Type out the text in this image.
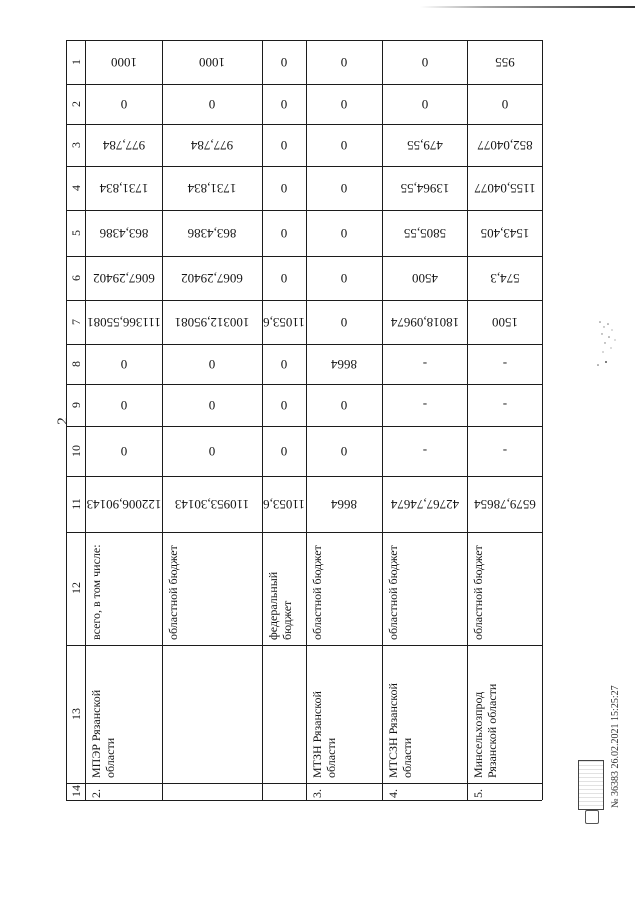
2
1
2
3
4
5
6
7
8
9
10
11
12
13
14
122006,90143
0
0
0
111366,55081
6067,29402
863,4386
1731,834
977,784
0
1000
110953,30143
0
0
0
100312,95081
6067,29402
863,4386
1731,834
977,784
0
1000
11053,6
0
0
0
11053,6
0
0
0
0
0
0
8664
0
0
8664
0
0
0
0
0
0
0
42767,74674
-
-
-
18018,09674
4500
5805,55
13964,55
479,55
0
0
6579,78654
-
-
-
1500
574,3
1543,405
1155,04077
852,04077
0
955
всего, в том числе:
МПЭР Рязанской области
2.
областной бюджет	федеральный бюджет областной бюджет
МТЗН Рязанской области
3.
областной бюджет
МТСЗН Рязанской области
4.
областной бюджет
Минсельхозпрод Рязанской области
5.	№ 36383 26.02.2021 15:25:27
